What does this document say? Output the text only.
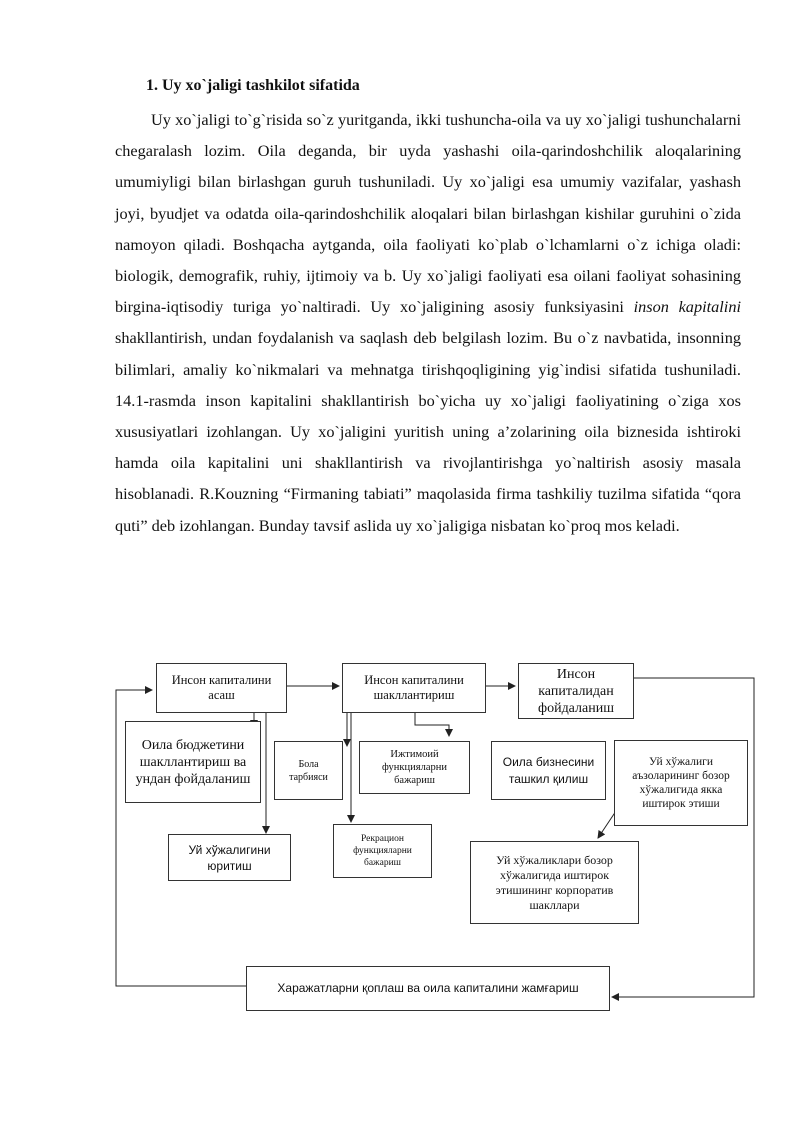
1. Uy xo`jaligi tashkilot sifatida

Uy xo`jaligi to`g`risida so`z yuritganda, ikki tushuncha-oila va uy xo`jaligi tushunchalarni chegaralash lozim. Oila deganda, bir uyda yashashi oila-qarindoshchilik aloqalarining umumiyligi bilan birlashgan guruh tushuniladi. Uy xo`jaligi esa umumiy vazifalar, yashash joyi, byudjet va odatda oila-qarindoshchilik aloqalari bilan birlashgan kishilar guruhini o`zida namoyon qiladi. Boshqacha aytganda, oila faoliyati ko`plab o`lchamlarni o`z ichiga oladi: biologik, demografik, ruhiy, ijtimoiy va b. Uy xo`jaligi faoliyati esa oilani faoliyat sohasining birgina-iqtisodiy turiga yo`naltiradi. Uy xo`jaligining asosiy funksiyasini inson kapitalini shakllantirish, undan foydalanish va saqlash deb belgilash lozim. Bu o`z navbatida, insonning bilimlari, amaliy ko`nikmalari va mehnatga tirishqoqligining yig`indisi sifatida tushuniladi. 14.1-rasmda inson kapitalini shakllantirish bo`yicha uy xo`jaligi faoliyatining o`ziga xos xususiyatlari izohlangan. Uy xo`jaligini yuritish uning a’zolarining oila biznesida ishtiroki hamda oila kapitalini uni shakllantirish va rivojlantirishga yo`naltirish asosiy masala hisoblanadi. R.Kouzning “Firmaning tabiati” maqolasida firma tashkiliy tuzilma sifatida “qora quti” deb izohlangan. Bunday tavsif aslida uy xo`jaligiga nisbatan ko`proq mos keladi.

Инсон капиталини асаш
Инсон капиталини шакллантириш
Инсон капиталидан фойдаланиш
Оила бюджетини шакллантириш ва ундан фойдаланиш
Бола тарбияси
Ижтимоий функцияларни бажариш
Оила бизнесини ташкил қилиш
Уй хўжалиги аъзоларининг бозор хўжалигида якка иштирок этиши
Уй хўжалигини юритиш
Рекрацион функцияларни бажариш	Уй хўжаликлари бозор хўжалигида иштирок этишининг корпоратив шакллари
Харажатларни қоплаш ва оила капиталини жамғариш
